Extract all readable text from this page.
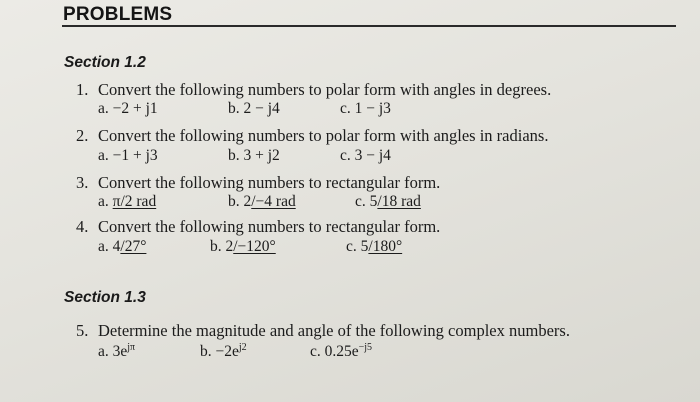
PROBLEMS
Section 1.2
1. Convert the following numbers to polar form with angles in degrees.
a. −2 + j1	b. 2 − j4	c. 1 − j3
2. Convert the following numbers to polar form with angles in radians.
a. −1 + j3	b. 3 + j2	c. 3 − j4
3. Convert the following numbers to rectangular form.
a. π/2 rad	b. 2/−4 rad	c. 5/18 rad
4. Convert the following numbers to rectangular form.
a. 4/27°	b. 2/−120°	c. 5/180°
Section 1.3
5. Determine the magnitude and angle of the following complex numbers.
a. $3e^{j\pi}$	b. $-2e^{j2}$	c. $0.25e^{-j5}$
